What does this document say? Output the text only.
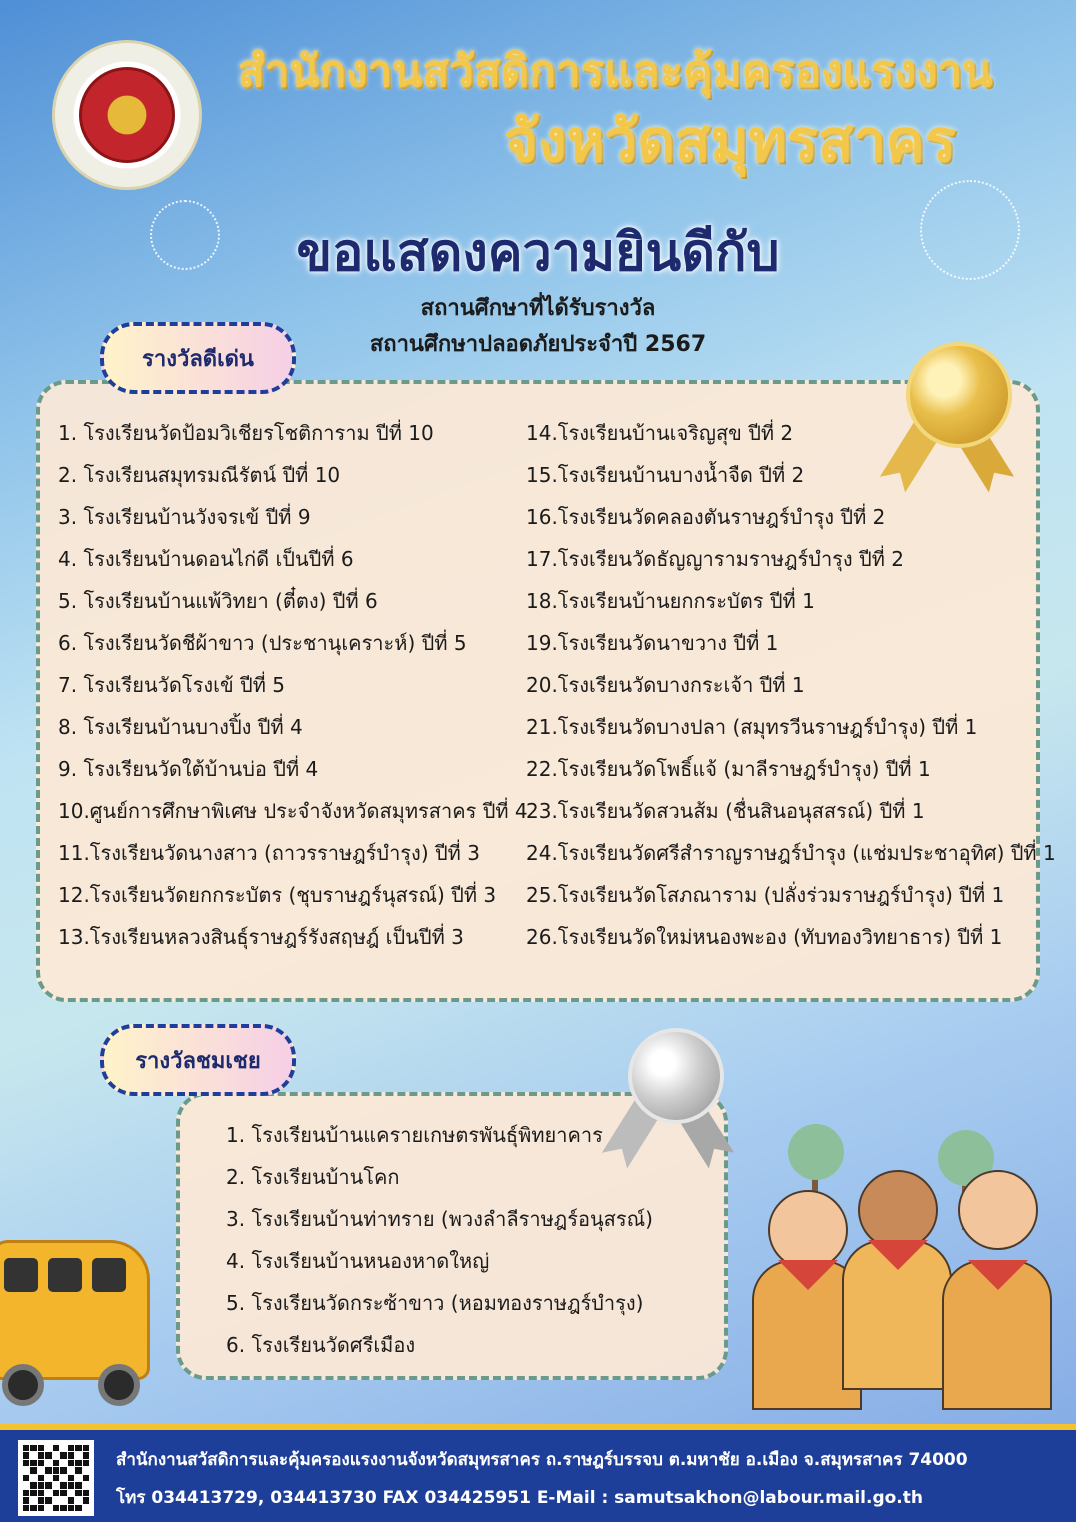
สำนักงานสวัสดิการและคุ้มครองแรงงาน
จังหวัดสมุทรสาคร
ขอแสดงความยินดีกับ
สถานศึกษาที่ได้รับรางวัล
สถานศึกษาปลอดภัยประจำปี 2567
รางวัลดีเด่น
1. โรงเรียนวัดป้อมวิเชียรโชติการาม ปีที่ 10
2. โรงเรียนสมุทรมณีรัตน์ ปีที่ 10
3. โรงเรียนบ้านวังจรเข้ ปีที่ 9
4. โรงเรียนบ้านดอนไก่ดี เป็นปีที่ 6
5. โรงเรียนบ้านแพ้วิทยา (ตี๋ตง) ปีที่ 6
6. โรงเรียนวัดชีผ้าขาว (ประชานุเคราะห์) ปีที่ 5
7. โรงเรียนวัดโรงเข้ ปีที่ 5
8. โรงเรียนบ้านบางปิ้ง ปีที่ 4
9. โรงเรียนวัดใต้บ้านบ่อ ปีที่ 4
10.ศูนย์การศึกษาพิเศษ ประจำจังหวัดสมุทรสาคร ปีที่ 4
11.โรงเรียนวัดนางสาว (ถาวรราษฎร์บำรุง) ปีที่ 3
12.โรงเรียนวัดยกกระบัตร (ชุบราษฎร์นุสรณ์) ปีที่ 3
13.โรงเรียนหลวงสินธุ์ราษฎร์รังสฤษฎ์ เป็นปีที่ 3
14.โรงเรียนบ้านเจริญสุข ปีที่ 2
15.โรงเรียนบ้านบางน้ำจืด ปีที่ 2
16.โรงเรียนวัดคลองตันราษฎร์บำรุง ปีที่ 2
17.โรงเรียนวัดธัญญารามราษฎร์บำรุง ปีที่ 2
18.โรงเรียนบ้านยกกระบัตร ปีที่ 1
19.โรงเรียนวัดนาขวาง ปีที่ 1
20.โรงเรียนวัดบางกระเจ้า ปีที่ 1
21.โรงเรียนวัดบางปลา (สมุทรวีนราษฎร์บำรุง) ปีที่ 1
22.โรงเรียนวัดโพธิ์แจ้ (มาลีราษฎร์บำรุง) ปีที่ 1
23.โรงเรียนวัดสวนส้ม (ชื่นสินอนุสสรณ์) ปีที่ 1
24.โรงเรียนวัดศรีสำราญราษฎร์บำรุง (แช่มประชาอุทิศ) ปีที่ 1
25.โรงเรียนวัดโสภณาราม (ปลั่งร่วมราษฎร์บำรุง) ปีที่ 1
26.โรงเรียนวัดใหม่หนองพะอง (ทับทองวิทยาธาร) ปีที่ 1
รางวัลชมเชย
1. โรงเรียนบ้านแคราย​เกษตรพันธุ์พิทยาคาร
2. โรงเรียนบ้านโคก
3. โรงเรียนบ้านท่าทราย (พวงลำลีราษฎร์อนุสรณ์)
4. โรงเรียนบ้านหนองหาดใหญ่
5. โรงเรียนวัดกระซ้าขาว (หอมทองราษฎร์บำรุง)
6. โรงเรียนวัดศรีเมือง
สำนักงานสวัสดิการและคุ้มครองแรงงานจังหวัดสมุทรสาคร ถ.ราษฎร์บรรจบ ต.มหาชัย อ.เมือง จ.สมุทรสาคร 74000
โทร 034413729, 034413730 FAX 034425951 E-Mail : samutsakhon@labour.mail.go.th
